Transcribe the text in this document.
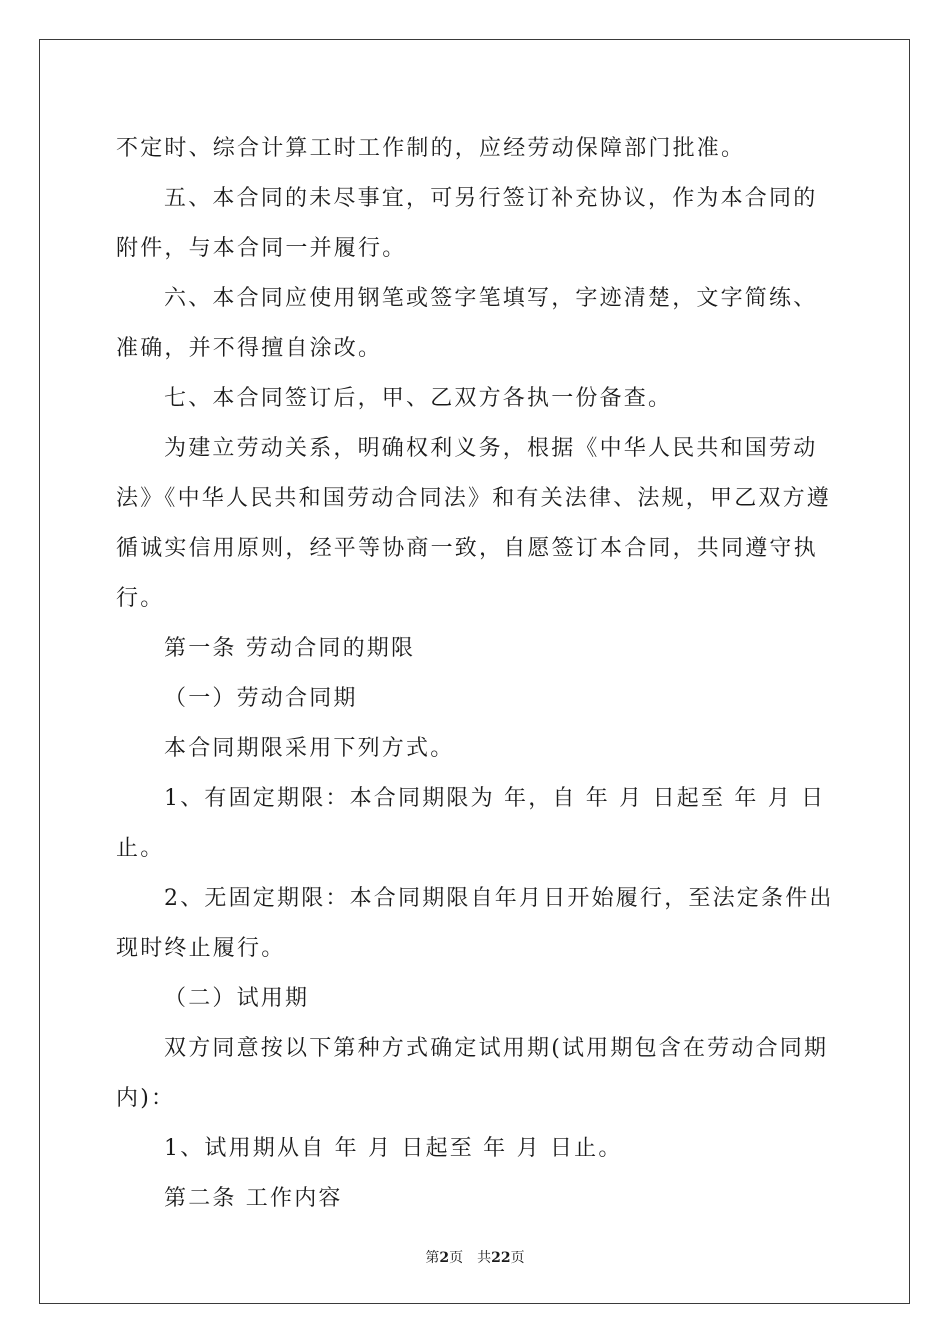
不定时、综合计算工时工作制的，应经劳动保障部门批准。

五、本合同的未尽事宜，可另行签订补充协议，作为本合同的附件，与本合同一并履行。

六、本合同应使用钢笔或签字笔填写，字迹清楚，文字简练、准确，并不得擅自涂改。

七、本合同签订后，甲、乙双方各执一份备查。

为建立劳动关系，明确权利义务，根据《中华人民共和国劳动法》《中华人民共和国劳动合同法》和有关法律、法规，甲乙双方遵循诚实信用原则，经平等协商一致，自愿签订本合同，共同遵守执行。

第一条 劳动合同的期限

（一）劳动合同期

本合同期限采用下列方式。

1、有固定期限：本合同期限为 年，自 年 月 日起至 年 月 日止。

2、无固定期限：本合同期限自年月日开始履行，至法定条件出现时终止履行。

（二）试用期

双方同意按以下第种方式确定试用期(试用期包含在劳动合同期内)：

1、试用期从自 年 月 日起至 年 月 日止。

第二条 工作内容

第2页 共22页
